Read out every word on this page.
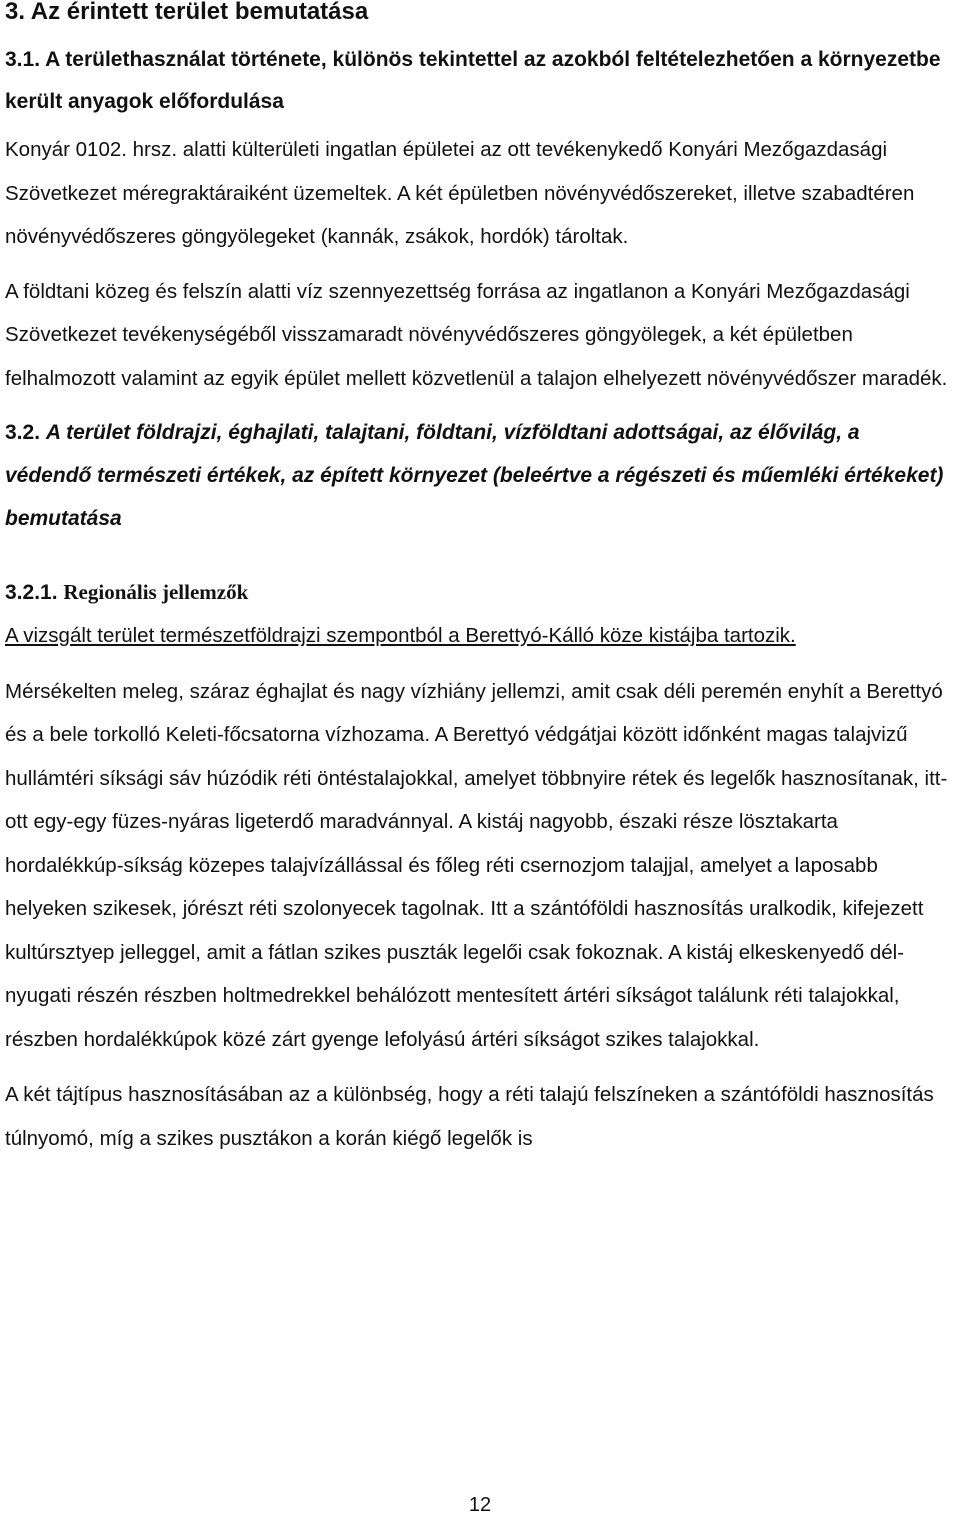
3. Az érintett terület bemutatása
3.1. A területhasználat története, különös tekintettel az azokból feltételezhetően a környezetbe került anyagok előfordulása

Konyár 0102. hrsz. alatti külterületi ingatlan épületei az ott tevékenykedő Konyári Mezőgazdasági Szövetkezet méregraktáraiként üzemeltek. A két épületben növényvédőszereket, illetve szabadtéren növényvédőszeres göngyölegeket (kannák, zsákok, hordók) tároltak.

A földtani közeg és felszín alatti víz szennyezettség forrása az ingatlanon a Konyári Mezőgazdasági Szövetkezet tevékenységéből visszamaradt növényvédőszeres göngyölegek, a két épületben felhalmozott valamint az egyik épület mellett közvetlenül a talajon elhelyezett növényvédőszer maradék.

3.2. A terület földrajzi, éghajlati, talajtani, földtani, vízföldtani adottságai, az élővilág, a védendő természeti értékek, az épített környezet (beleértve a régészeti és műemléki értékeket) bemutatása
3.2.1. Regionális jellemzők

A vizsgált terület természetföldrajzi szempontból a Berettyó-Kálló köze kistájba tartozik.

Mérsékelten meleg, száraz éghajlat és nagy vízhiány jellemzi, amit csak déli peremén enyhít a Berettyó és a bele torkolló Keleti-főcsatorna vízhozama. A Berettyó védgátjai között időnként magas talajvizű hullámtéri síksági sáv húzódik réti öntéstalajokkal, amelyet többnyire rétek és legelők hasznosítanak, itt-ott egy-egy füzes-nyáras ligeterdő maradvánnyal. A kistáj nagyobb, északi része lösztakarta hordalékkúp-síkság közepes talajvízállással és főleg réti csernozjom talajjal, amelyet a laposabb helyeken szikesek, jórészt réti szolonyecek tagolnak. Itt a szántóföldi hasznosítás uralkodik, kifejezett kultúrsztyep jelleggel, amit a fátlan szikes puszták legelői csak fokoznak. A kistáj elkeskenyedő dél-nyugati részén részben holtmedrekkel behálózott mentesített ártéri síkságot találunk réti talajokkal, részben hordalékkúpok közé zárt gyenge lefolyású ártéri síkságot szikes talajokkal.

A két tájtípus hasznosításában az a különbség, hogy a réti talajú felszíneken a szántóföldi hasznosítás túlnyomó, míg a szikes pusztákon a korán kiégő legelők is

12
